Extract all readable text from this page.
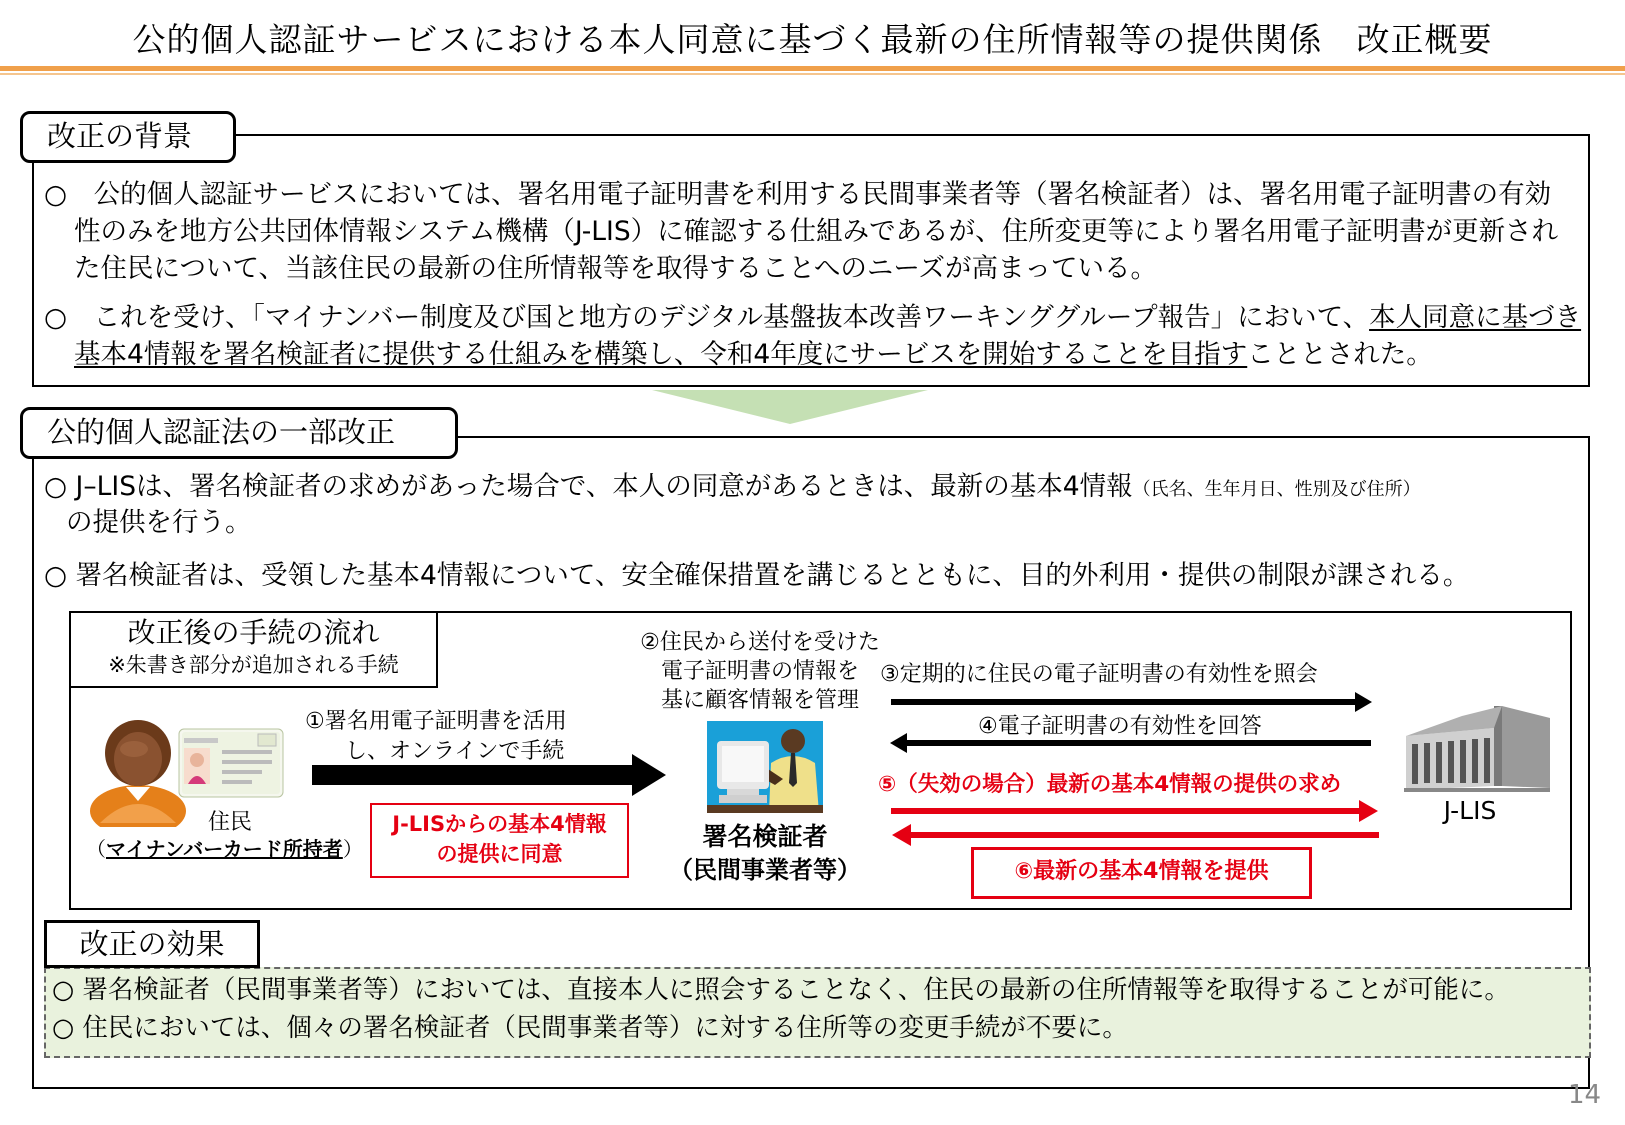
公的個人認証サービスにおける本人同意に基づく最新の住所情報等の提供関係　改正概要
改正の背景
○　公的個人認証サービスにおいては、署名用電子証明書を利用する民間事業者等（署名検証者）は、署名用電子証明書の有効性のみを地方公共団体情報システム機構（J-LIS）に確認する仕組みであるが、住所変更等により署名用電子証明書が更新された住民について、当該住民の最新の住所情報等を取得することへのニーズが高まっている。
○　これを受け、「マイナンバー制度及び国と地方のデジタル基盤抜本改善ワーキンググループ報告」において、本人同意に基づき基本4情報を署名検証者に提供する仕組みを構築し、令和4年度にサービスを開始することを目指すこととされた。
公的個人認証法の一部改正
○ J–LISは、署名検証者の求めがあった場合で、本人の同意があるときは、最新の基本4情報（氏名、生年月日、性別及び住所）
の提供を行う。
○ 署名検証者は、受領した基本4情報について、安全確保措置を講じるとともに、目的外利用・提供の制限が課される。
改正後の手続の流れ
※朱書き部分が追加される手続
住民
（マイナンバーカード所持者）
①署名用電子証明書を活用
し、オンラインで手続
J-LISからの基本4情報
の提供に同意
②住民から送付を受けた
電子証明書の情報を
基に顧客情報を管理
署名検証者
（民間事業者等）
③定期的に住民の電子証明書の有効性を照会
④電子証明書の有効性を回答
⑤（失効の場合）最新の基本4情報の提供の求め
⑥最新の基本4情報を提供
J-LIS
改正の効果
○ 署名検証者（民間事業者等）においては、直接本人に照会することなく、住民の最新の住所情報等を取得することが可能に。
○ 住民においては、個々の署名検証者（民間事業者等）に対する住所等の変更手続が不要に。
14
